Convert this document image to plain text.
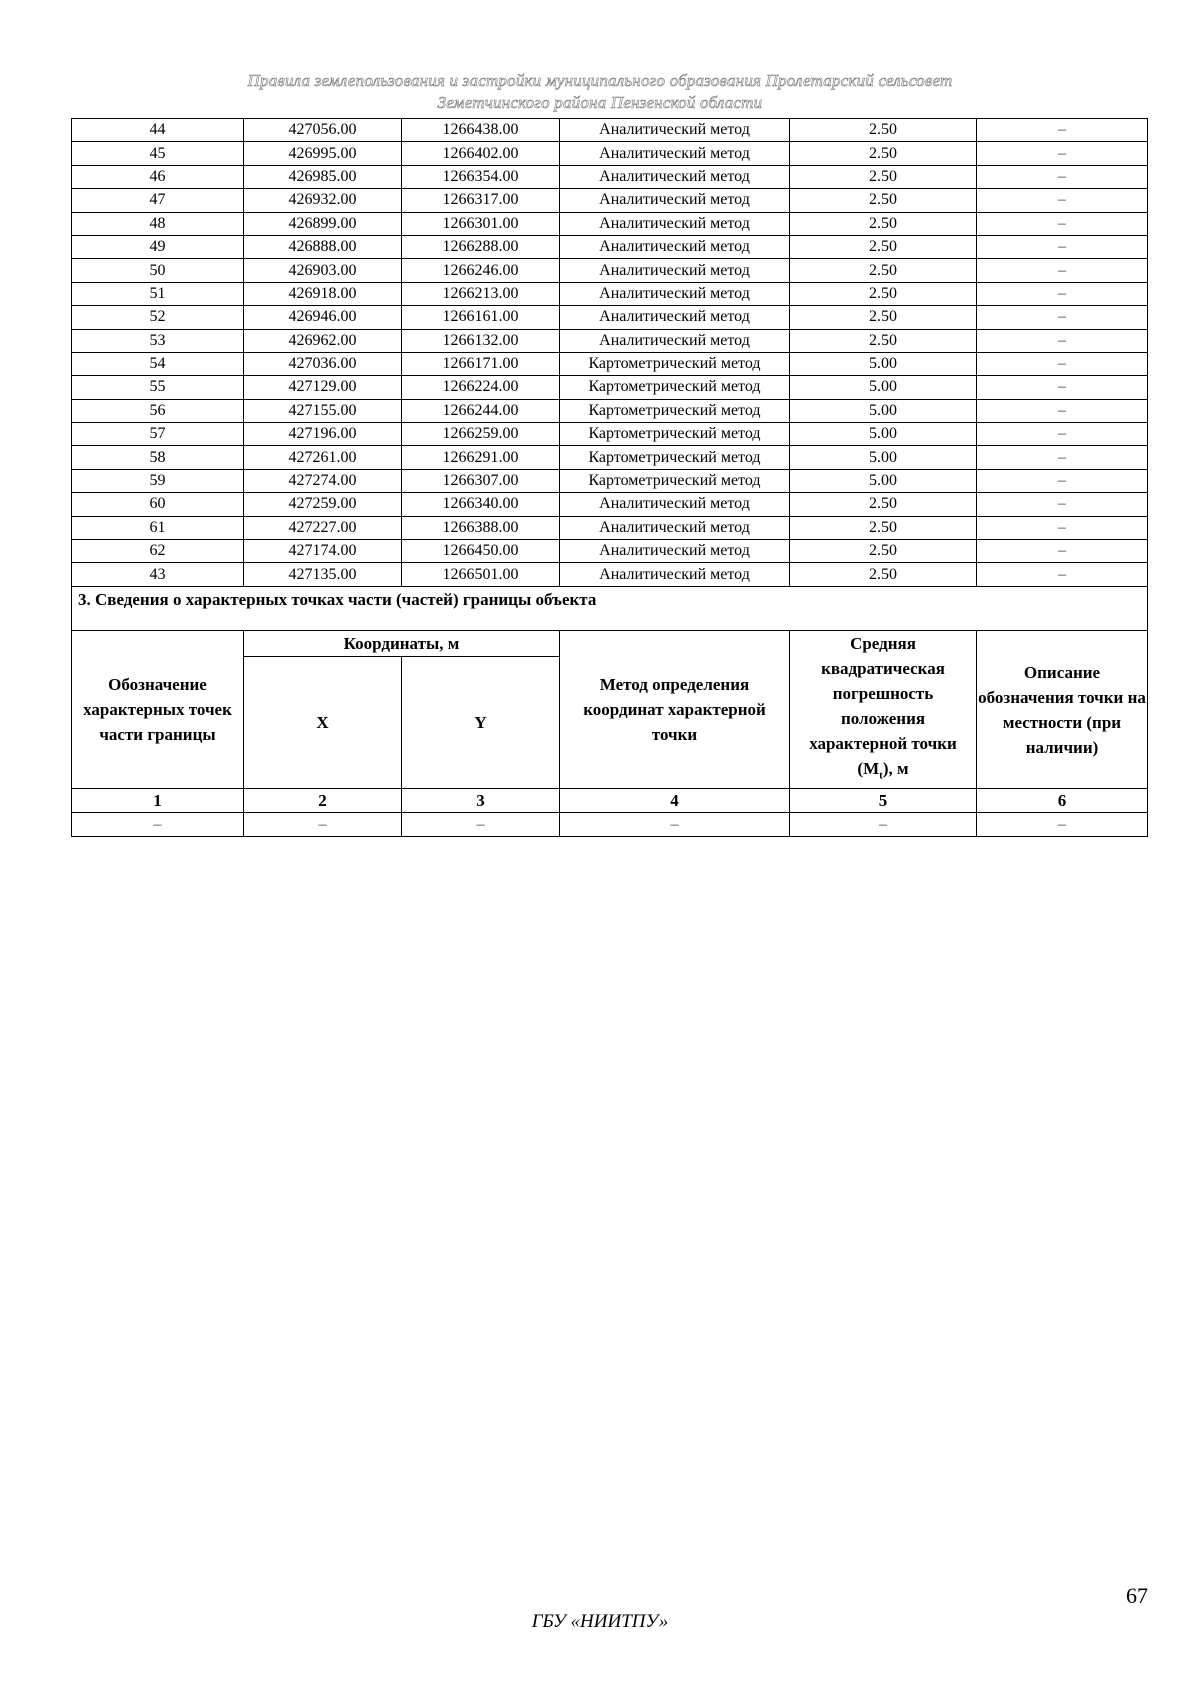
Правила землепользования и застройки муниципального образования Пролетарский сельсовет
Земетчинского района Пензенской области
44	427056.00	1266438.00	Аналитический метод	2.50	–
45	426995.00	1266402.00	Аналитический метод	2.50	–
46	426985.00	1266354.00	Аналитический метод	2.50	–
47	426932.00	1266317.00	Аналитический метод	2.50	–
48	426899.00	1266301.00	Аналитический метод	2.50	–
49	426888.00	1266288.00	Аналитический метод	2.50	–
50	426903.00	1266246.00	Аналитический метод	2.50	–
51	426918.00	1266213.00	Аналитический метод	2.50	–
52	426946.00	1266161.00	Аналитический метод	2.50	–
53	426962.00	1266132.00	Аналитический метод	2.50	–
54	427036.00	1266171.00	Картометрический метод	5.00	–
55	427129.00	1266224.00	Картометрический метод	5.00	–
56	427155.00	1266244.00	Картометрический метод	5.00	–
57	427196.00	1266259.00	Картометрический метод	5.00	–
58	427261.00	1266291.00	Картометрический метод	5.00	–
59	427274.00	1266307.00	Картометрический метод	5.00	–
60	427259.00	1266340.00	Аналитический метод	2.50	–
61	427227.00	1266388.00	Аналитический метод	2.50	–
62	427174.00	1266450.00	Аналитический метод	2.50	–
43	427135.00	1266501.00	Аналитический метод	2.50	–
3. Сведения о характерных точках части (частей) границы объекта					
Обозначение характерных точек части границы	Координаты, м		Метод определения координат характерной точки	Средняя квадратическая погрешность положения характерной точки $(M_t)$, м	Описание обозначения точки на местности (при наличии)
	X	Y			
1	2	3	4	5	6
–	–	–	–	–	–
67
ГБУ «НИИТПУ»
